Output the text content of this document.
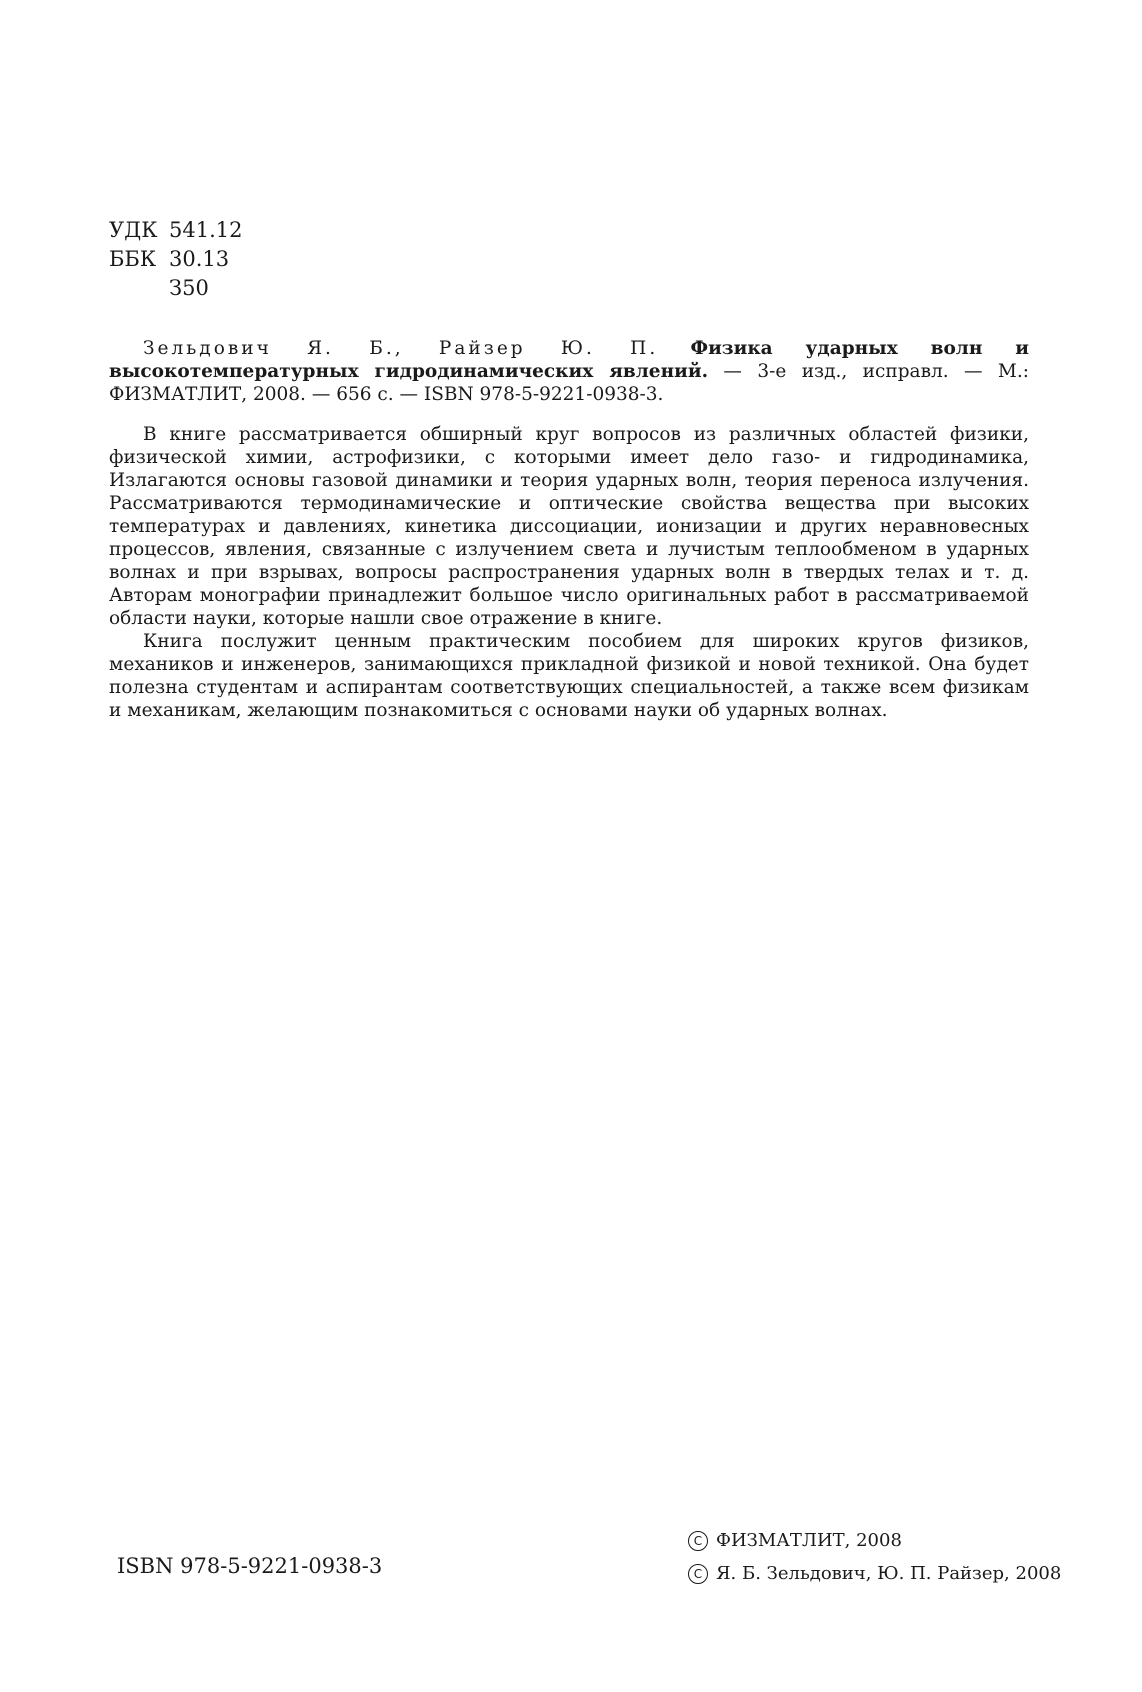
УДК 541.12
ББК 30.13
З50
Зельдович Я. Б., Райзер Ю. П. Физика ударных волн и высокотемпературных гидродинамических явлений. — 3-е изд., исправл. — М.: ФИЗМАТЛИТ, 2008. — 656 с. — ISBN 978-5-9221-0938-3.

В книге рассматривается обширный круг вопросов из различных областей физики, физической химии, астрофизики, с которыми имеет дело газо- и гидродинамика, Излагаются основы газовой динамики и теория ударных волн, теория переноса излучения. Рассматриваются термодинамические и оптические свойства вещества при высоких температурах и давлениях, кинетика диссоциации, ионизации и других неравновесных процессов, явления, связанные с излучением света и лучистым теплообменом в ударных волнах и при взрывах, вопросы распространения ударных волн в твердых телах и т. д. Авторам монографии принадлежит большое число оригинальных работ в рассматриваемой области науки, которые нашли свое отражение в книге.

Книга послужит ценным практическим пособием для широких кругов физиков, механиков и инженеров, занимающихся прикладной физикой и новой техникой. Она будет полезна студентам и аспирантам соответствующих специальностей, а также всем физикам и механикам, желающим познакомиться с основами науки об ударных волнах.

ISBN 978-5-9221-0938-3
C ФИЗМАТЛИТ, 2008
C Я. Б. Зельдович, Ю. П. Райзер, 2008
